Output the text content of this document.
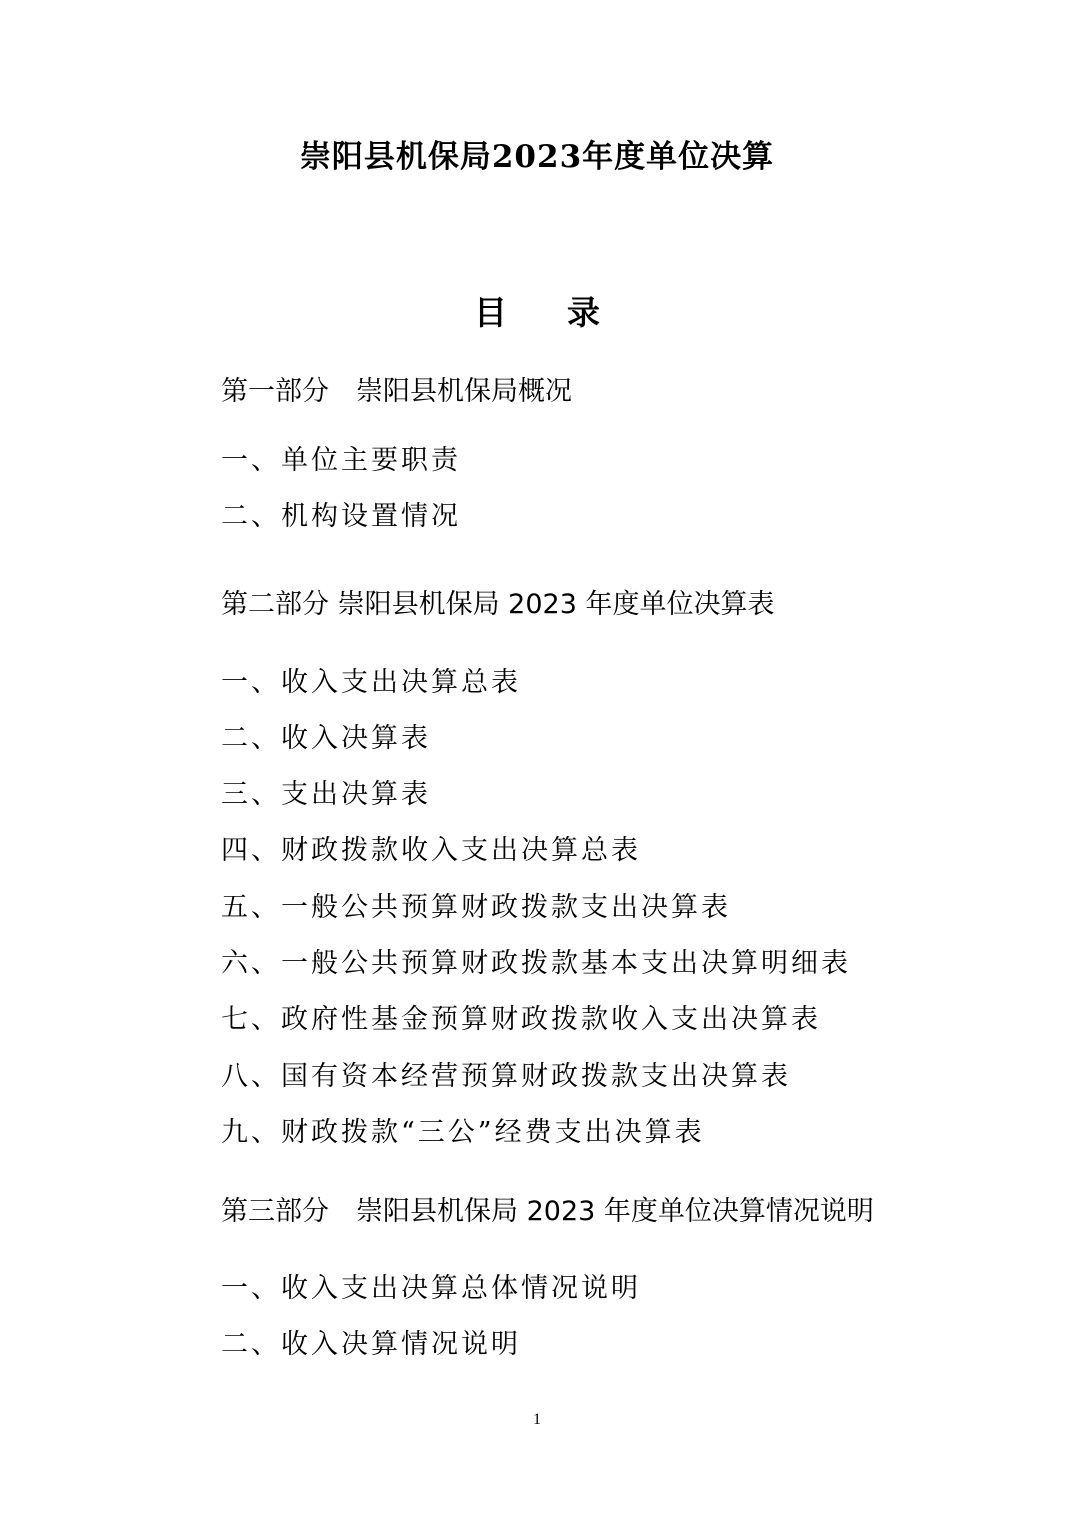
崇阳县机保局2023年度单位决算
目 录

第一部分　崇阳县机保局概况

一、单位主要职责

二、机构设置情况

第二部分 崇阳县机保局 2023 年度单位决算表

一、收入支出决算总表

二、收入决算表

三、支出决算表

四、财政拨款收入支出决算总表

五、一般公共预算财政拨款支出决算表

六、一般公共预算财政拨款基本支出决算明细表

七、政府性基金预算财政拨款收入支出决算表

八、国有资本经营预算财政拨款支出决算表

九、财政拨款“三公”经费支出决算表

第三部分　崇阳县机保局 2023 年度单位决算情况说明

一、收入支出决算总体情况说明

二、收入决算情况说明

1
